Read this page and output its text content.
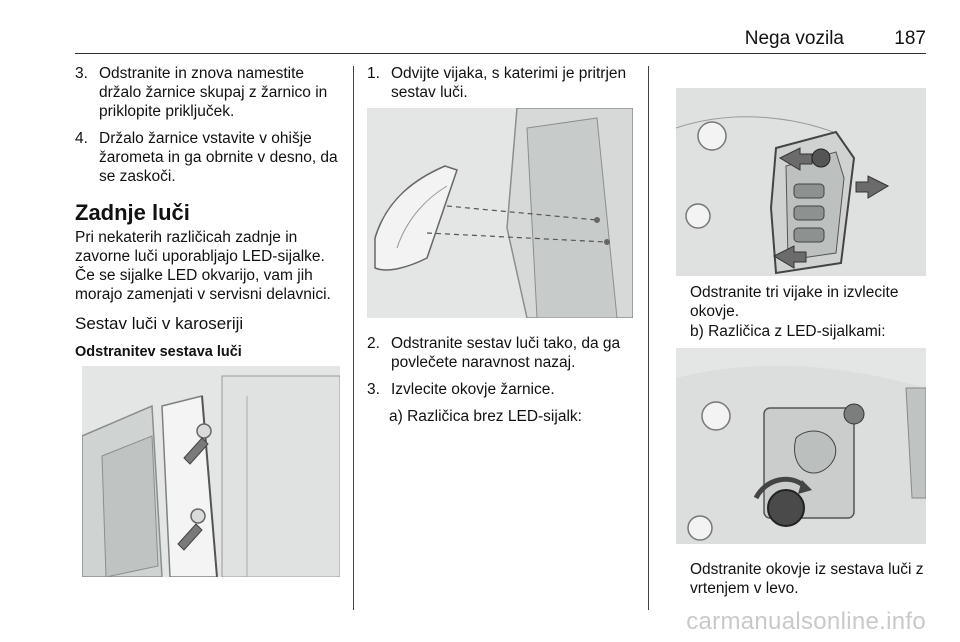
Nega vozila	187
3. Odstranite in znova namestite držalo žarnice skupaj z žarnico in priklopite priključek.
4. Držalo žarnice vstavite v ohišje žarometa in ga obrnite v desno, da se zaskoči.
Zadnje luči

Pri nekaterih različicah zadnje in zavorne luči uporabljajo LED-sijalke. Če se sijalke LED okvarijo, vam jih morajo zamenjati v servisni delavnici.

Sestav luči v karoseriji
Odstranitev sestava luči
1. Odvijte vijaka, s katerimi je pritrjen sestav luči.
2. Odstranite sestav luči tako, da ga povlečete naravnost nazaj.
3. Izvlecite okovje žarnice.
a) Različica brez LED-sijalk:
Odstranite tri vijake in izvlecite okovje.
b) Različica z LED-sijalkami:
Odstranite okovje iz sestava luči z vrtenjem v levo.
carmanualsonline.info
